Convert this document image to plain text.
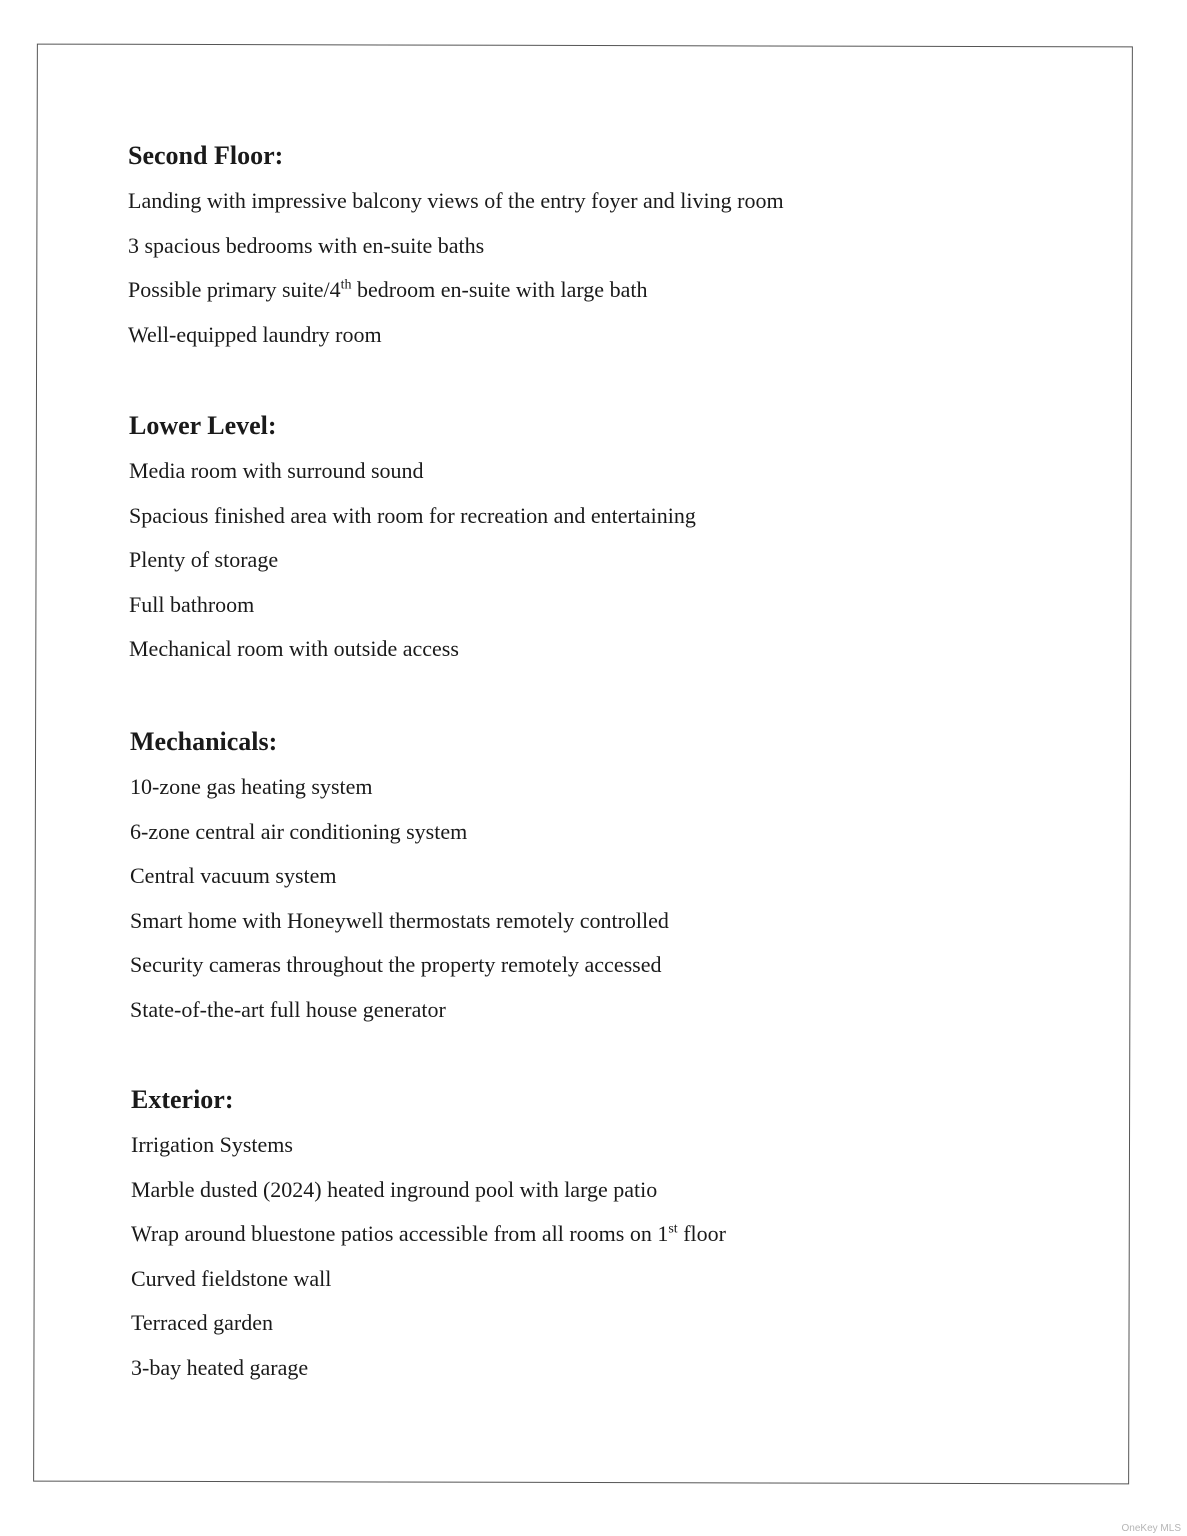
Second Floor:
Landing with impressive balcony views of the entry foyer and living room
3 spacious bedrooms with en-suite baths
Possible primary suite/4th bedroom en-suite with large bath
Well-equipped laundry room
Lower Level:
Media room with surround sound
Spacious finished area with room for recreation and entertaining
Plenty of storage
Full bathroom
Mechanical room with outside access
Mechanicals:
10-zone gas heating system
6-zone central air conditioning system
Central vacuum system
Smart home with Honeywell thermostats remotely controlled
Security cameras throughout the property remotely accessed
State-of-the-art full house generator
Exterior:
Irrigation Systems
Marble dusted (2024) heated inground pool with large patio
Wrap around bluestone patios accessible from all rooms on 1st floor
Curved fieldstone wall
Terraced garden
3-bay heated garage
OneKey MLS
